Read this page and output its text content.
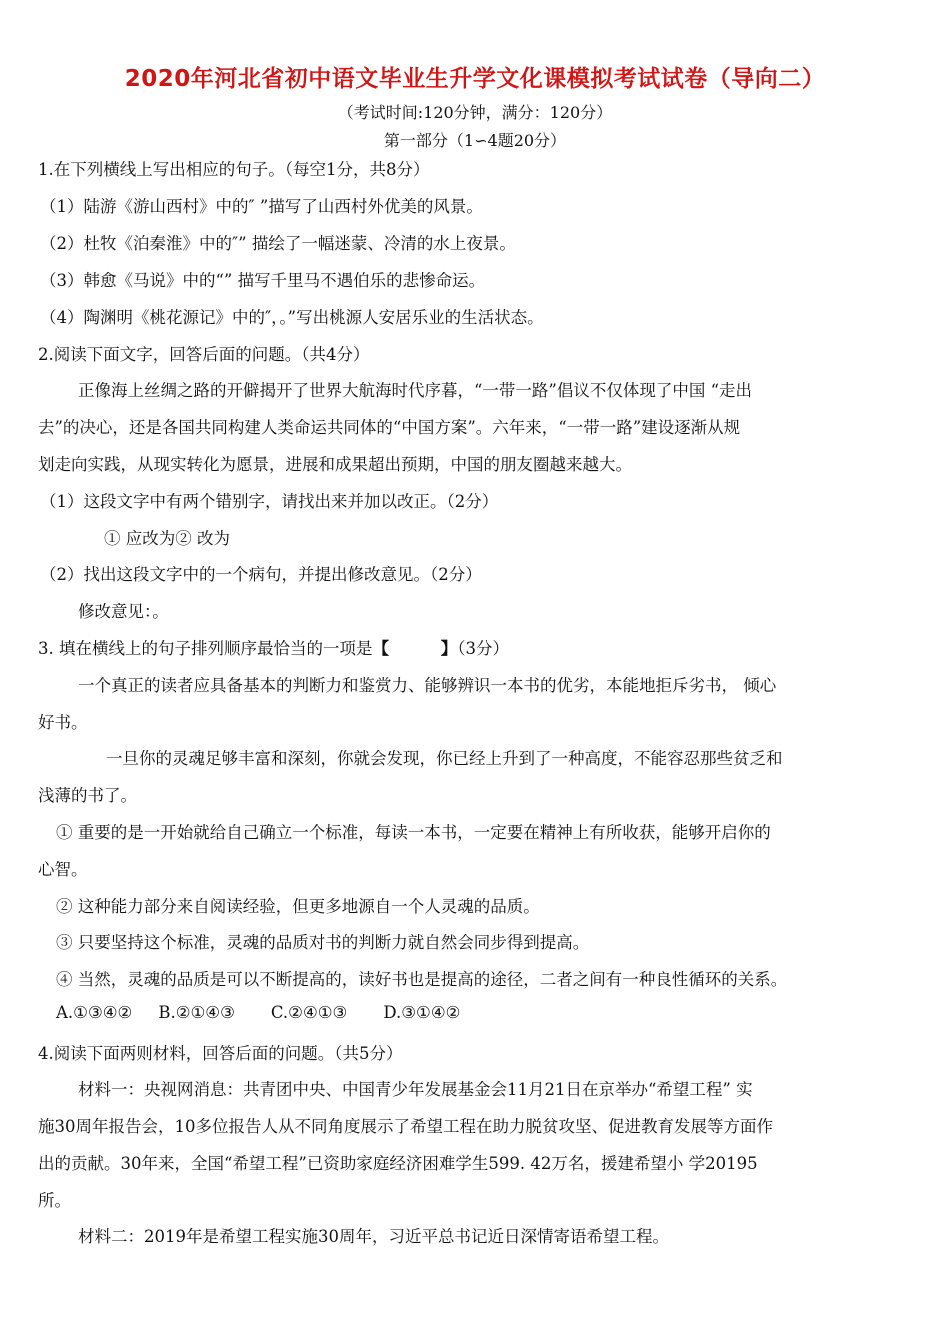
2020年河北省初中语文毕业生升学文化课模拟考试试卷（导向二）
（考试时间:120分钟，满分：120分）
第一部分（1∽4题20分）
1.在下列横线上写出相应的句子。（每空1分，共8分）
（1）陆游《游山西村》中的″ ”描写了山西村外优美的风景。
（2）杜牧《泊秦淮》中的″” 描绘了一幅迷蒙、冷清的水上夜景。
（3）韩愈《马说》中的“” 描写千里马不遇伯乐的悲惨命运。
（4）陶渊明《桃花源记》中的″，。”写出桃源人安居乐业的生活状态。
2.阅读下面文字，回答后面的问题。（共4分）
正像海上丝绸之路的开僻揭开了世界大航海时代序暮，“一带一路”倡议不仅体现了中国 “走出
去”的决心，还是各国共同构建人类命运共同体的“中国方案”。六年来，“一带一路”建设逐渐从规
划走向实践，从现实转化为愿景，进展和成果超出预期，中国的朋友圈越来越大。
（1）这段文字中有两个错别字，请找出来并加以改正。（2分）
① 应改为② 改为
（2）找出这段文字中的一个病句，并提出修改意见。（2分）
修改意见：。
3. 填在横线上的句子排列顺序最恰当的一项是【         】（3分）
一个真正的读者应具备基本的判断力和鉴赏力、能够辨识一本书的优劣，本能地拒斥劣书， 倾心
好书。
一旦你的灵魂足够丰富和深刻，你就会发现，你已经上升到了一种高度，不能容忍那些贫乏和
浅薄的书了。
① 重要的是一开始就给自己确立一个标准，每读一本书，一定要在精神上有所收获，能够开启你的
心智。
② 这种能力部分来自阅读经验，但更多地源自一个人灵魂的品质。
③ 只要坚持这个标准，灵魂的品质对书的判断力就自然会同步得到提高。
④ 当然，灵魂的品质是可以不断提高的，读好书也是提高的途径，二者之间有一种良性循环的关系。
A.①③④② B.②①④③ C.②④①③ D.③①④②
4.阅读下面两则材料，回答后面的问题。（共5分）
材料一：央视网消息：共青团中央、中国青少年发展基金会11月21日在京举办“希望工程” 实
施30周年报告会，10多位报告人从不同角度展示了希望工程在助力脱贫攻坚、促进教育发展等方面作
出的贡献。30年来，全国“希望工程”已资助家庭经济困难学生599. 42万名，援建希望小 学20195
所。
材料二：2019年是希望工程实施30周年，习近平总书记近日深情寄语希望工程。
